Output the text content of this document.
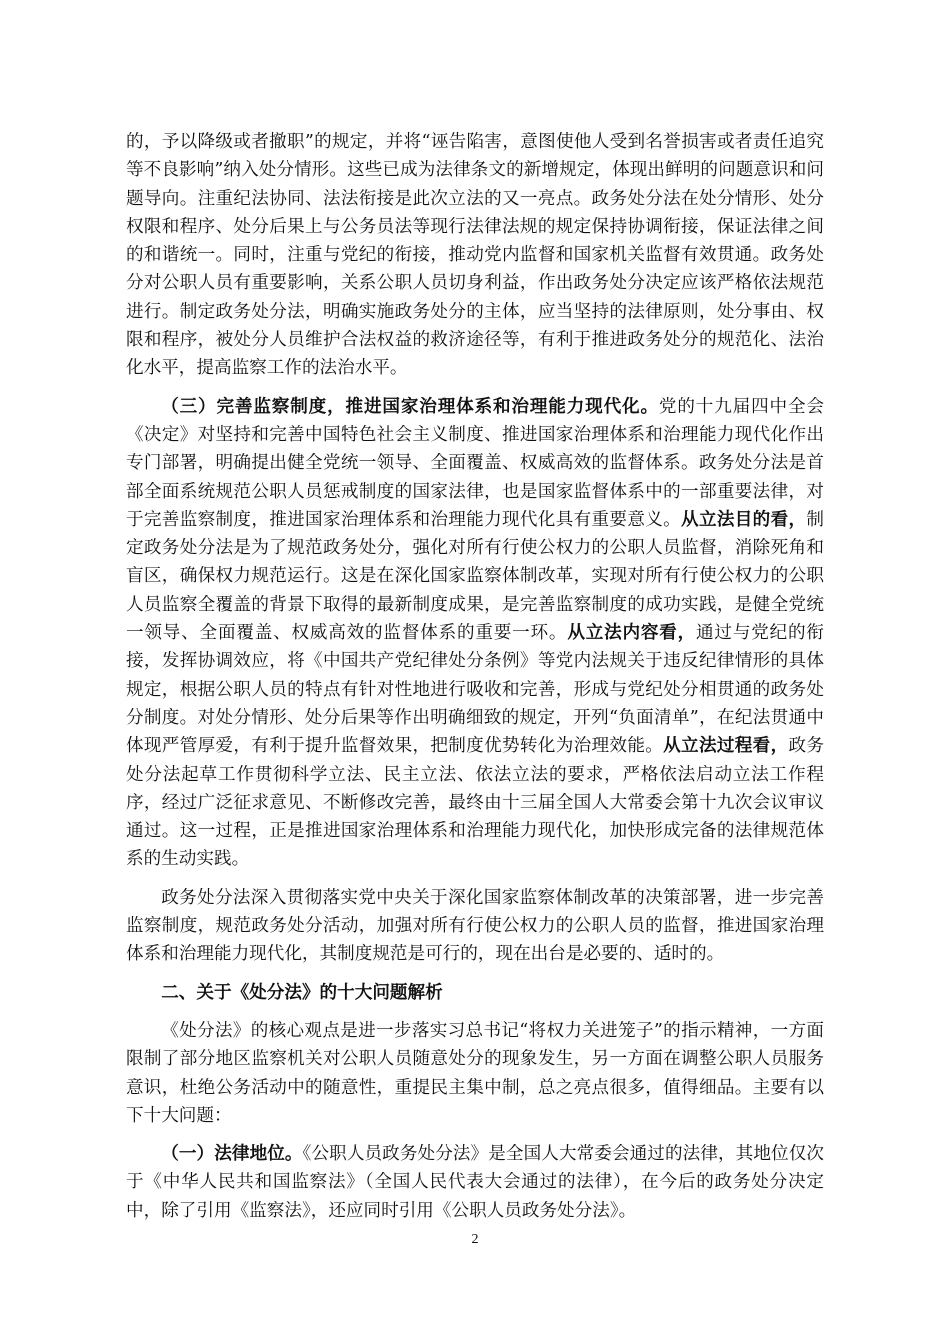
的，予以降级或者撤职”的规定，并将“诬告陷害，意图使他人受到名誉损害或者责任追究等不良影响”纳入处分情形。这些已成为法律条文的新增规定，体现出鲜明的问题意识和问题导向。注重纪法协同、法法衔接是此次立法的又一亮点。政务处分法在处分情形、处分权限和程序、处分后果上与公务员法等现行法律法规的规定保持协调衔接，保证法律之间的和谐统一。同时，注重与党纪的衔接，推动党内监督和国家机关监督有效贯通。政务处分对公职人员有重要影响，关系公职人员切身利益，作出政务处分决定应该严格依法规范进行。制定政务处分法，明确实施政务处分的主体，应当坚持的法律原则，处分事由、权限和程序，被处分人员维护合法权益的救济途径等，有利于推进政务处分的规范化、法治化水平，提高监察工作的法治水平。

（三）完善监察制度，推进国家治理体系和治理能力现代化。党的十九届四中全会《决定》对坚持和完善中国特色社会主义制度、推进国家治理体系和治理能力现代化作出专门部署，明确提出健全党统一领导、全面覆盖、权威高效的监督体系。政务处分法是首部全面系统规范公职人员惩戒制度的国家法律，也是国家监督体系中的一部重要法律，对于完善监察制度，推进国家治理体系和治理能力现代化具有重要意义。从立法目的看，制定政务处分法是为了规范政务处分，强化对所有行使公权力的公职人员监督，消除死角和盲区，确保权力规范运行。这是在深化国家监察体制改革，实现对所有行使公权力的公职人员监察全覆盖的背景下取得的最新制度成果，是完善监察制度的成功实践，是健全党统一领导、全面覆盖、权威高效的监督体系的重要一环。从立法内容看，通过与党纪的衔接，发挥协调效应，将《中国共产党纪律处分条例》等党内法规关于违反纪律情形的具体规定，根据公职人员的特点有针对性地进行吸收和完善，形成与党纪处分相贯通的政务处分制度。对处分情形、处分后果等作出明确细致的规定，开列“负面清单”，在纪法贯通中体现严管厚爱，有利于提升监督效果，把制度优势转化为治理效能。从立法过程看，政务处分法起草工作贯彻科学立法、民主立法、依法立法的要求，严格依法启动立法工作程序，经过广泛征求意见、不断修改完善，最终由十三届全国人大常委会第十九次会议审议通过。这一过程，正是推进国家治理体系和治理能力现代化，加快形成完备的法律规范体系的生动实践。

政务处分法深入贯彻落实党中央关于深化国家监察体制改革的决策部署，进一步完善监察制度，规范政务处分活动，加强对所有行使公权力的公职人员的监督，推进国家治理体系和治理能力现代化，其制度规范是可行的，现在出台是必要的、适时的。

二、关于《处分法》的十大问题解析

《处分法》的核心观点是进一步落实习总书记“将权力关进笼子”的指示精神，一方面限制了部分地区监察机关对公职人员随意处分的现象发生，另一方面在调整公职人员服务意识，杜绝公务活动中的随意性，重提民主集中制，总之亮点很多，值得细品。主要有以下十大问题：

（一）法律地位。《公职人员政务处分法》是全国人大常委会通过的法律，其地位仅次于《中华人民共和国监察法》（全国人民代表大会通过的法律），在今后的政务处分决定中，除了引用《监察法》，还应同时引用《公职人员政务处分法》。

2
